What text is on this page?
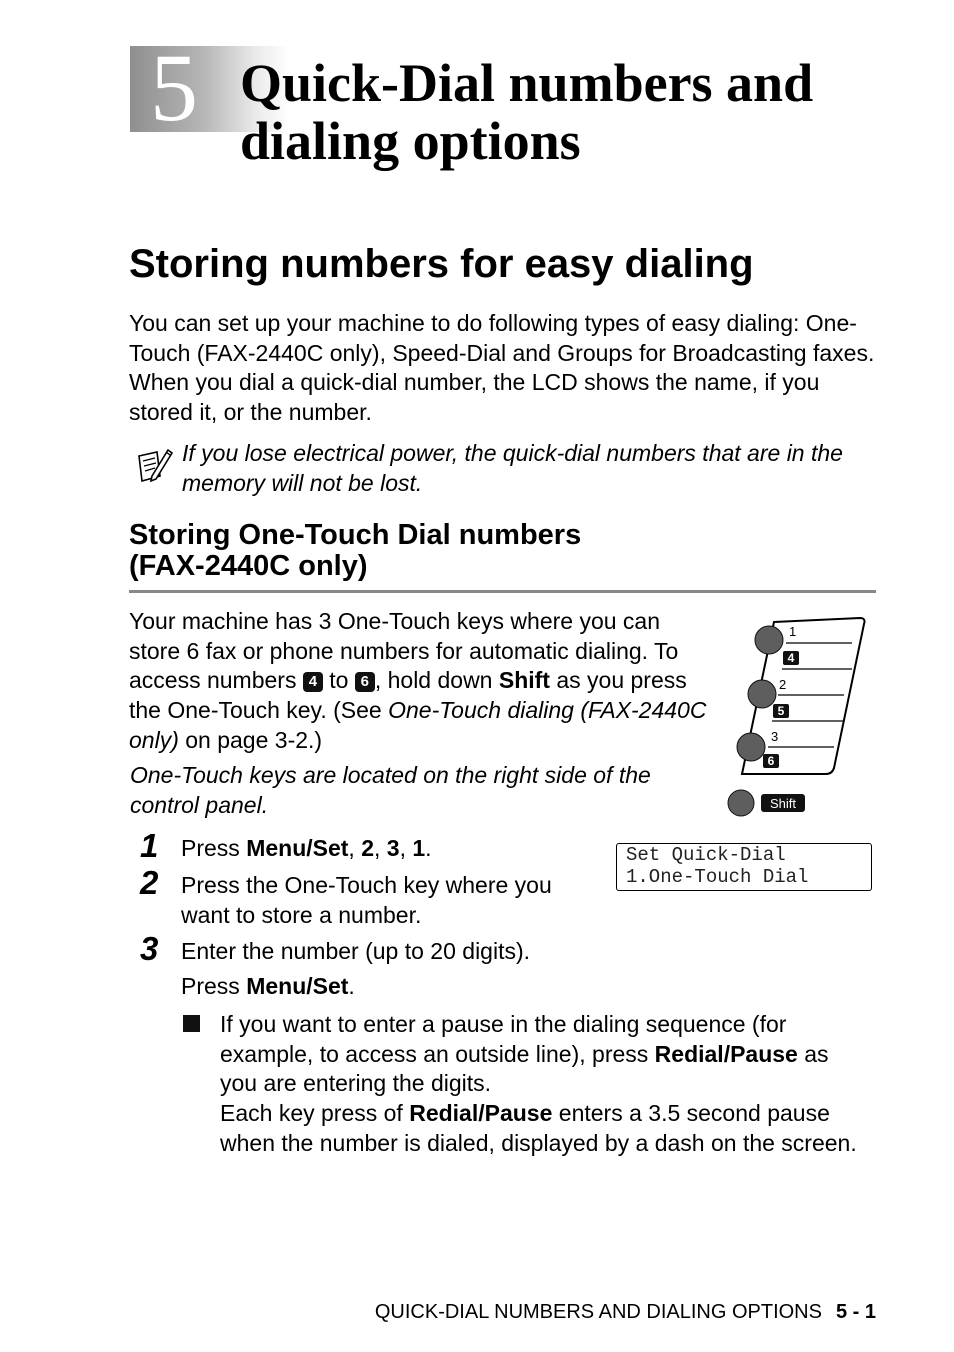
5 Quick-Dial numbers and
dialing options
Storing numbers for easy dialing

You can set up your machine to do following types of easy dialing: One-Touch (FAX-2440C only), Speed-Dial and Groups for Broadcasting faxes. When you dial a quick-dial number, the LCD shows the name, if you stored it, or the number.

If you lose electrical power, the quick-dial numbers that are in the memory will not be lost.

Storing One-Touch Dial numbers
(FAX-2440C only)

Your machine has 3 One-Touch keys where you can store 6 fax or phone numbers for automatic dialing. To access numbers 4 to 6 , hold down Shift as you press the One-Touch key. (See One-Touch dialing (FAX-2440C only) on page 3-2.)

One-Touch keys are located on the right side of the control panel.

1
4
2
5
3
6
Shift
Set Quick-Dial
1.One-Touch Dial
1 Press Menu/Set, 2, 3, 1.

2 Press the One-Touch key where you want to store a number.

3 Enter the number (up to 20 digits).

Press Menu/Set.

If you want to enter a pause in the dialing sequence (for example, to access an outside line), press Redial/Pause as you are entering the digits.
Each key press of Redial/Pause enters a 3.5 second pause when the number is dialed, displayed by a dash on the screen.

QUICK-DIAL NUMBERS AND DIALING OPTIONS 5 - 1
